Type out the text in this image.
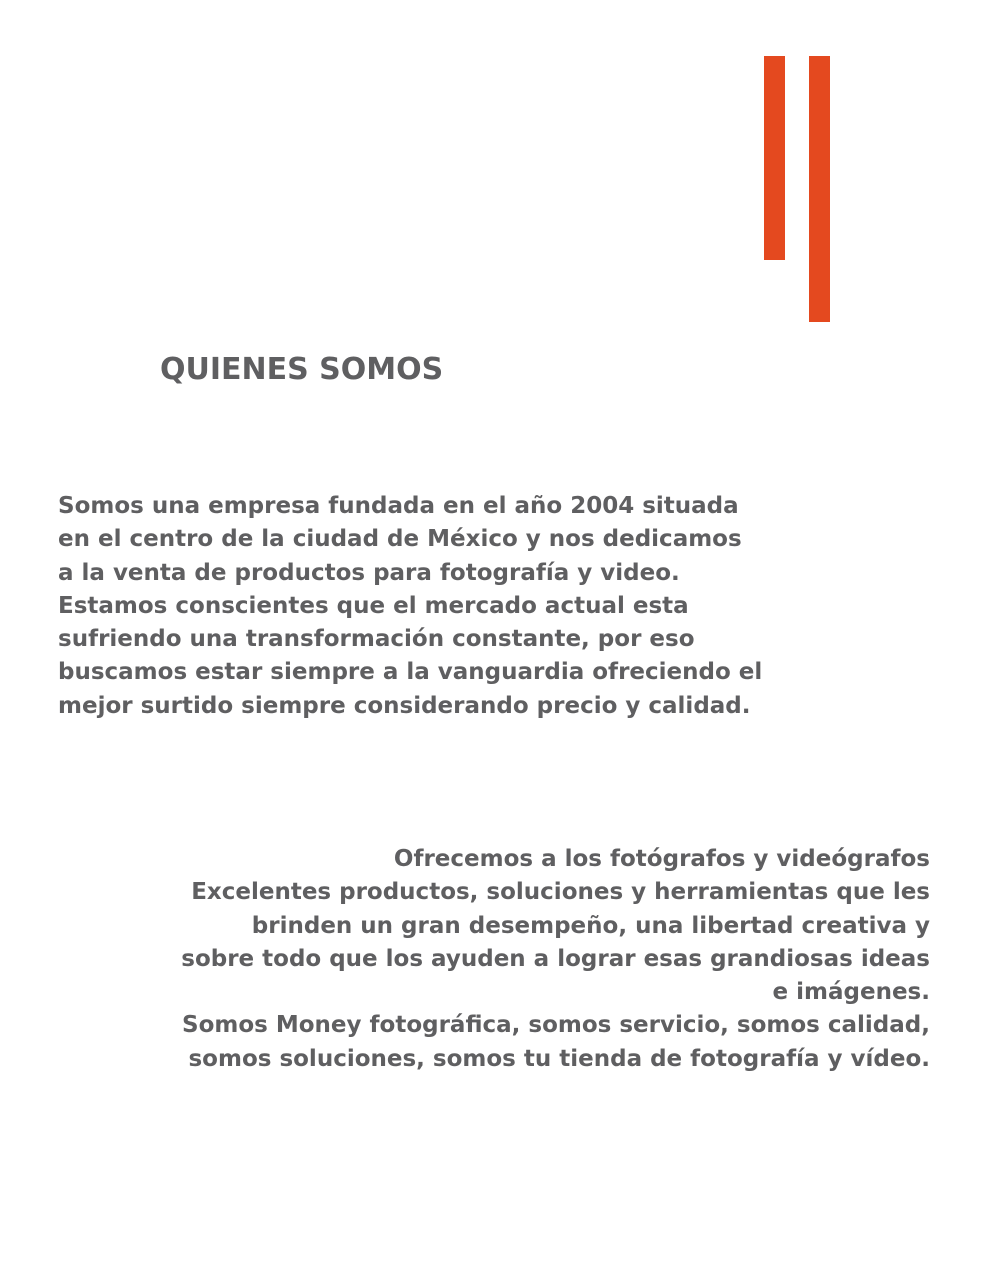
QUIENES SOMOS

Somos una empresa fundada en el año 2004 situada
en el centro de la ciudad de México y nos dedicamos
a la venta de productos para fotografía y video.
Estamos conscientes que el mercado actual esta
sufriendo una transformación constante, por eso
buscamos estar siempre a la vanguardia ofreciendo el
mejor surtido siempre considerando precio y calidad.

Ofrecemos a los fotógrafos y videógrafos
Excelentes productos, soluciones y herramientas que les
brinden un gran desempeño, una libertad creativa y
sobre todo que los ayuden a lograr esas grandiosas ideas
e imágenes.
Somos Money fotográfica, somos servicio, somos calidad,
somos soluciones, somos tu tienda de fotografía y vídeo.
